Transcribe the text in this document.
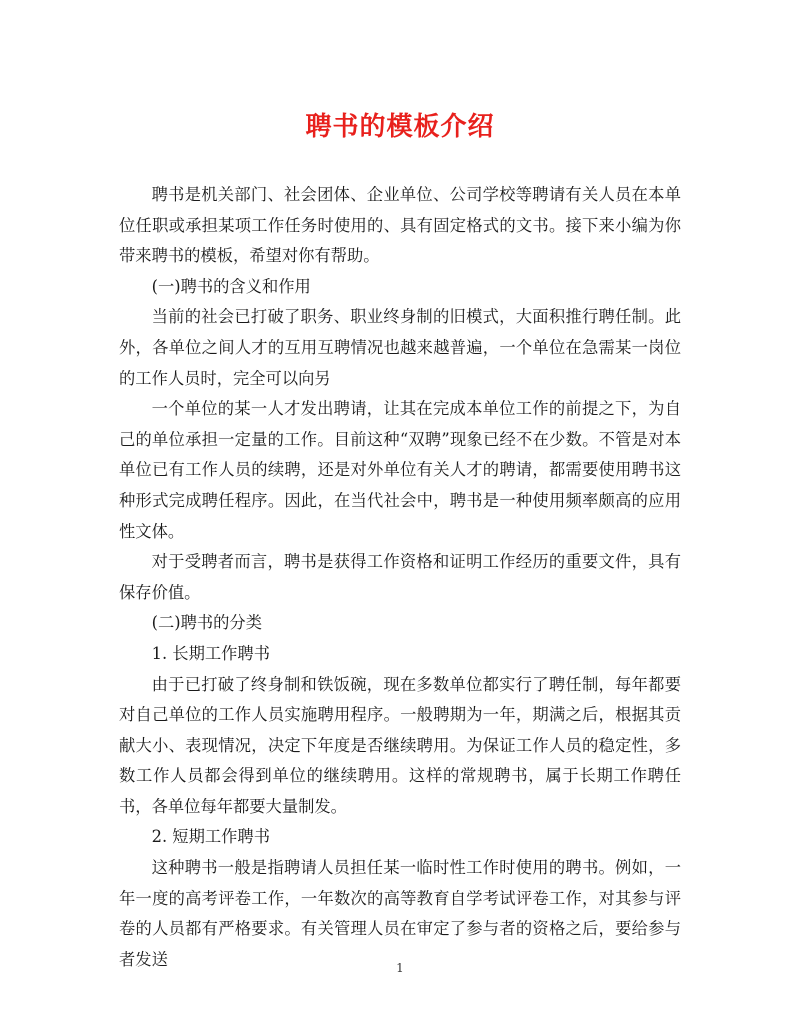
聘书的模板介绍

聘书是机关部门、社会团体、企业单位、公司学校等聘请有关人员在本单位任职或承担某项工作任务时使用的、具有固定格式的文书。接下来小编为你带来聘书的模板，希望对你有帮助。

(一)聘书的含义和作用

当前的社会已打破了职务、职业终身制的旧模式，大面积推行聘任制。此外，各单位之间人才的互用互聘情况也越来越普遍，一个单位在急需某一岗位的工作人员时，完全可以向另

一个单位的某一人才发出聘请，让其在完成本单位工作的前提之下，为自己的单位承担一定量的工作。目前这种“双聘”现象已经不在少数。不管是对本单位已有工作人员的续聘，还是对外单位有关人才的聘请，都需要使用聘书这种形式完成聘任程序。因此，在当代社会中，聘书是一种使用频率颇高的应用性文体。

对于受聘者而言，聘书是获得工作资格和证明工作经历的重要文件，具有保存价值。

(二)聘书的分类

1. 长期工作聘书

由于已打破了终身制和铁饭碗，现在多数单位都实行了聘任制，每年都要对自己单位的工作人员实施聘用程序。一般聘期为一年，期满之后，根据其贡献大小、表现情况，决定下年度是否继续聘用。为保证工作人员的稳定性，多数工作人员都会得到单位的继续聘用。这样的常规聘书，属于长期工作聘任书，各单位每年都要大量制发。

2. 短期工作聘书

这种聘书一般是指聘请人员担任某一临时性工作时使用的聘书。例如，一年一度的高考评卷工作，一年数次的高等教育自学考试评卷工作，对其参与评卷的人员都有严格要求。有关管理人员在审定了参与者的资格之后，要给参与者发送	1
